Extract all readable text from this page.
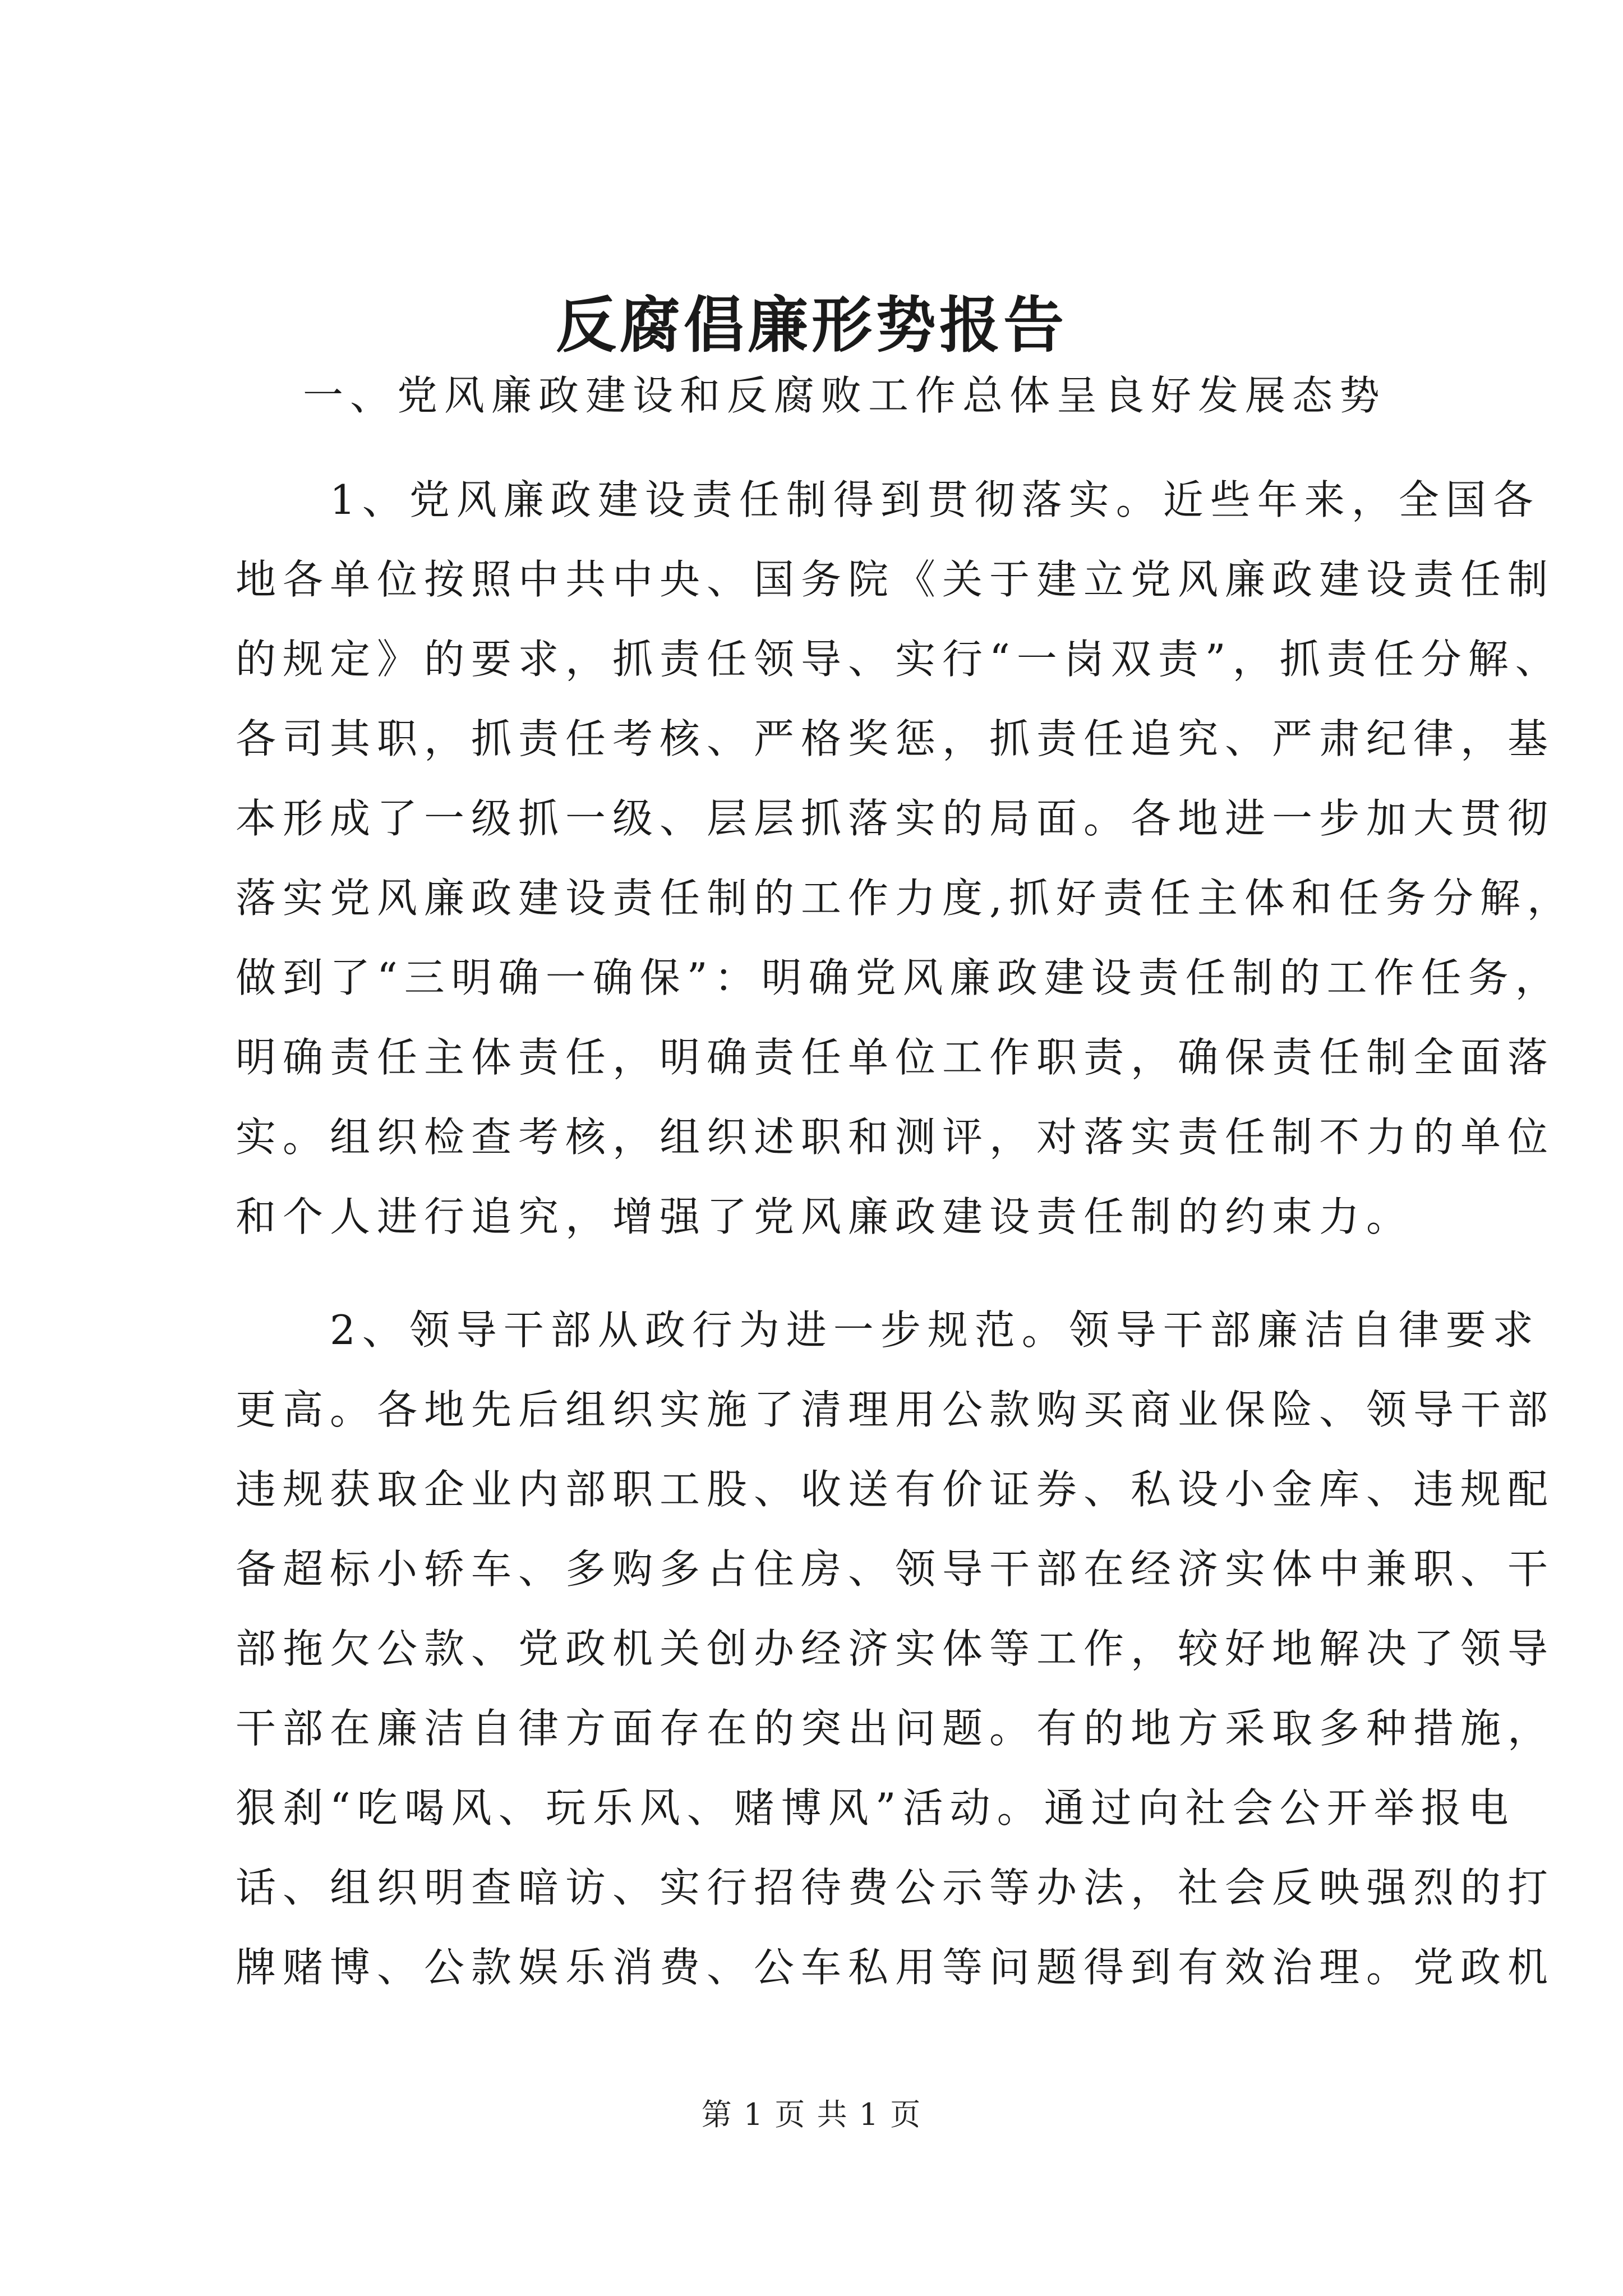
反腐倡廉形势报告

一、党风廉政建设和反腐败工作总体呈良好发展态势

　　1、党风廉政建设责任制得到贯彻落实。近些年来，全国各
地各单位按照中共中央、国务院《关于建立党风廉政建设责任制
的规定》的要求，抓责任领导、实行“一岗双责”，抓责任分解、
各司其职，抓责任考核、严格奖惩，抓责任追究、严肃纪律，基
本形成了一级抓一级、层层抓落实的局面。各地进一步加大贯彻
落实党风廉政建设责任制的工作力度,抓好责任主体和任务分解，
做到了“三明确一确保”：明确党风廉政建设责任制的工作任务，
明确责任主体责任，明确责任单位工作职责，确保责任制全面落
实。组织检查考核，组织述职和测评，对落实责任制不力的单位
和个人进行追究，增强了党风廉政建设责任制的约束力。
　　2、领导干部从政行为进一步规范。领导干部廉洁自律要求
更高。各地先后组织实施了清理用公款购买商业保险、领导干部
违规获取企业内部职工股、收送有价证券、私设小金库、违规配
备超标小轿车、多购多占住房、领导干部在经济实体中兼职、干
部拖欠公款、党政机关创办经济实体等工作，较好地解决了领导
干部在廉洁自律方面存在的突出问题。有的地方采取多种措施，
狠刹“吃喝风、玩乐风、赌博风”活动。通过向社会公开举报电
话、组织明查暗访、实行招待费公示等办法，社会反映强烈的打
牌赌博、公款娱乐消费、公车私用等问题得到有效治理。党政机
第 1 页 共 1 页
